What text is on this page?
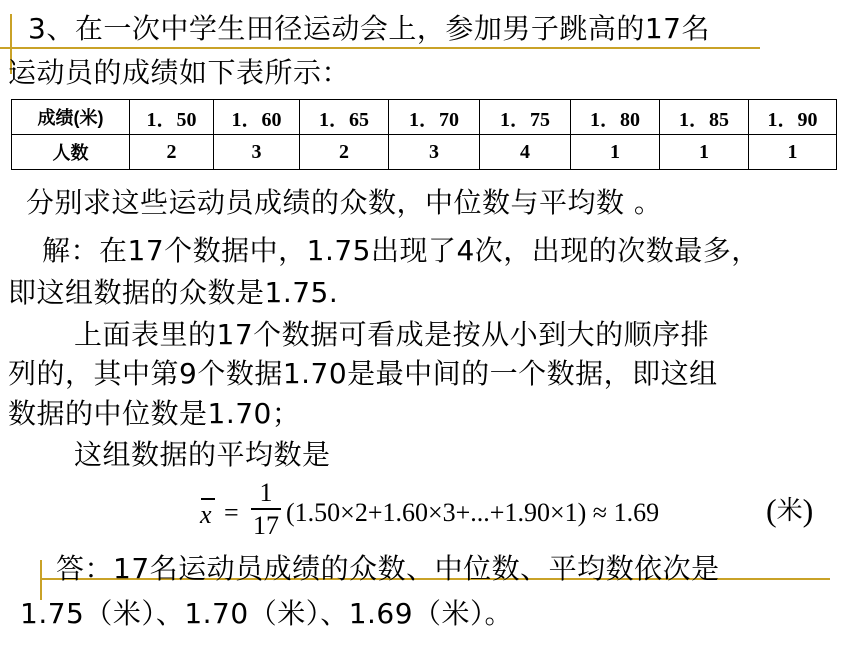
3、在一次中学生田径运动会上，参加男子跳高的17名
运动员的成绩如下表所示：
成绩(米)	1．50	1．60	1．65	1．70	1．75	1．80	1．85	1．90
人数	2	3	2	3	4	1	1	1
分别求这些运动员成绩的众数，中位数与平均数 。
解：在17个数据中，1.75出现了4次，出现的次数最多，
即这组数据的众数是1.75.
上面表里的17个数据可看成是按从小到大的顺序排
列的，其中第9个数据1.70是最中间的一个数据，即这组
数据的中位数是1.70；
这组数据的平均数是
x =
1
17 (1.50×2+1.60×3+...+1.90×1) ≈ 1.69	(米)
答：17名运动员成绩的众数、中位数、平均数依次是
1.75（米）、1.70（米）、1.69（米）。
